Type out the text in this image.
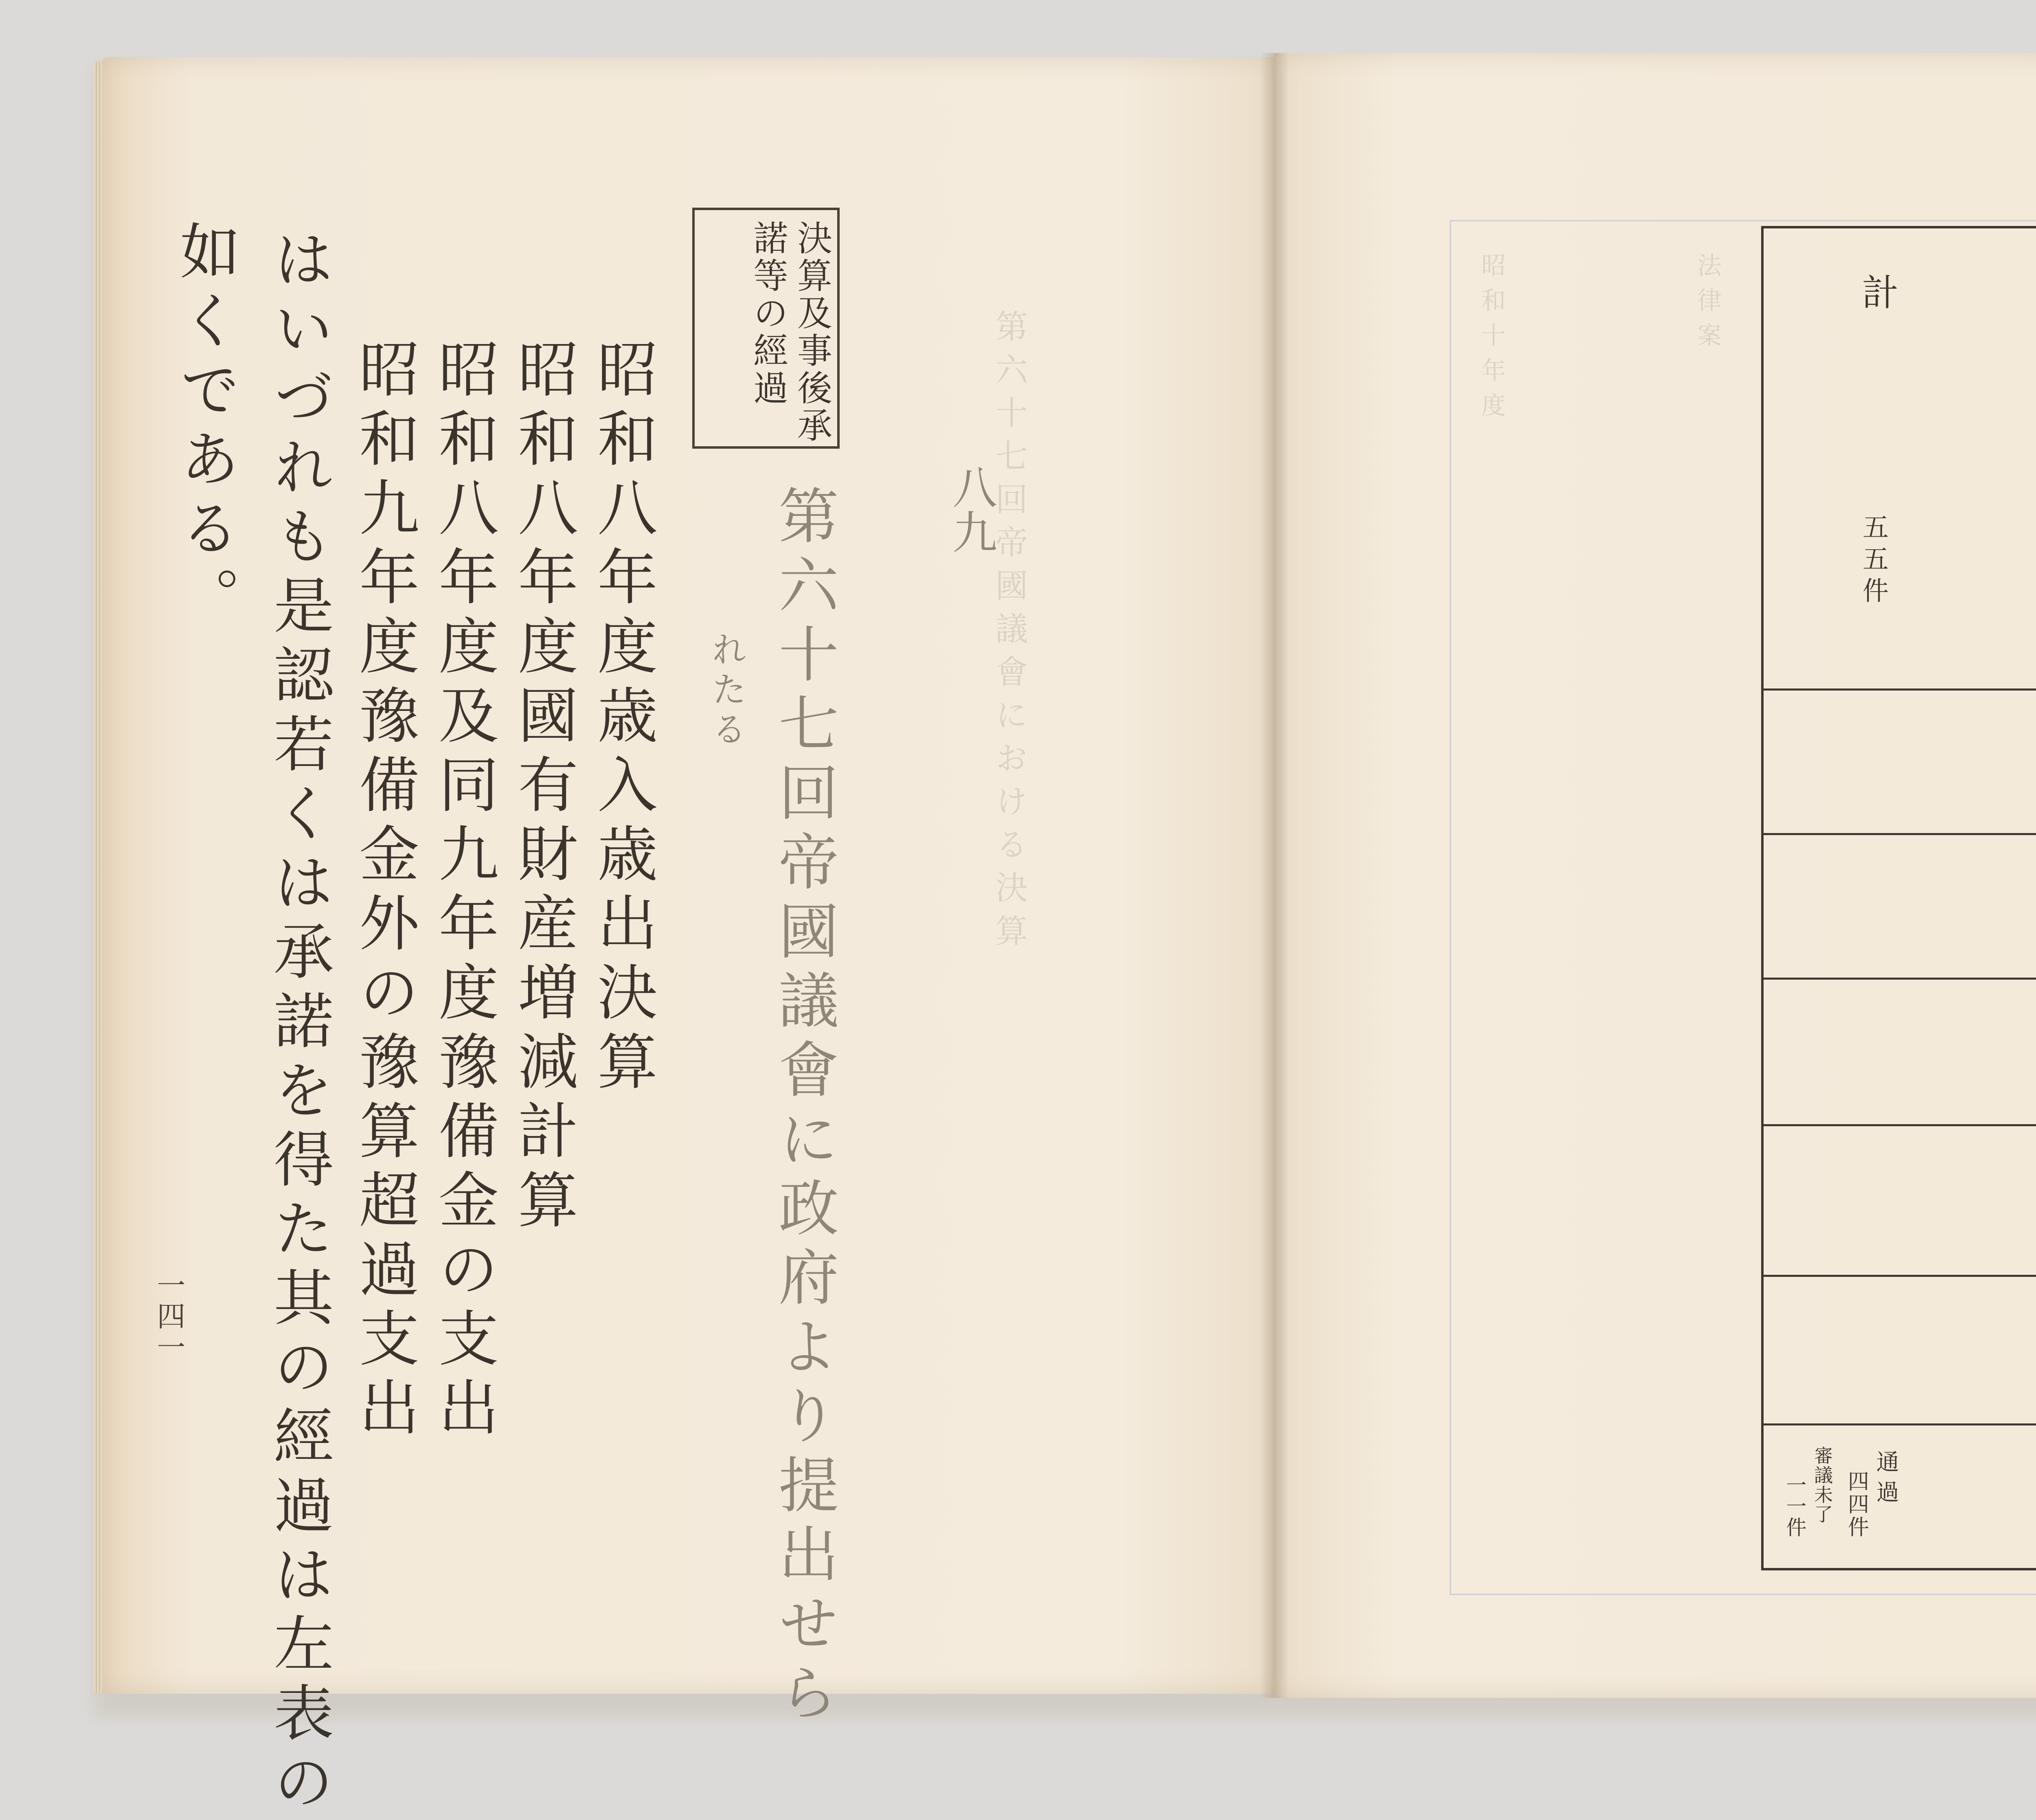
第六十七回帝國議會における決算
八九
第六十七回帝國議會に政府より提出せら
れたる
決算及事後承
諾等の經過
昭和八年度歳入歳出決算
昭和八年度國有財産増減計算
昭和八年度及同九年度豫備金の支出
昭和九年度豫備金外の豫算超過支出
はいづれも是認若くは承諾を得た其の經過は左表の
如くである。
一四一
昭和十年度	法律案	計
五五件
通過
四四件
審議未了
一一件
